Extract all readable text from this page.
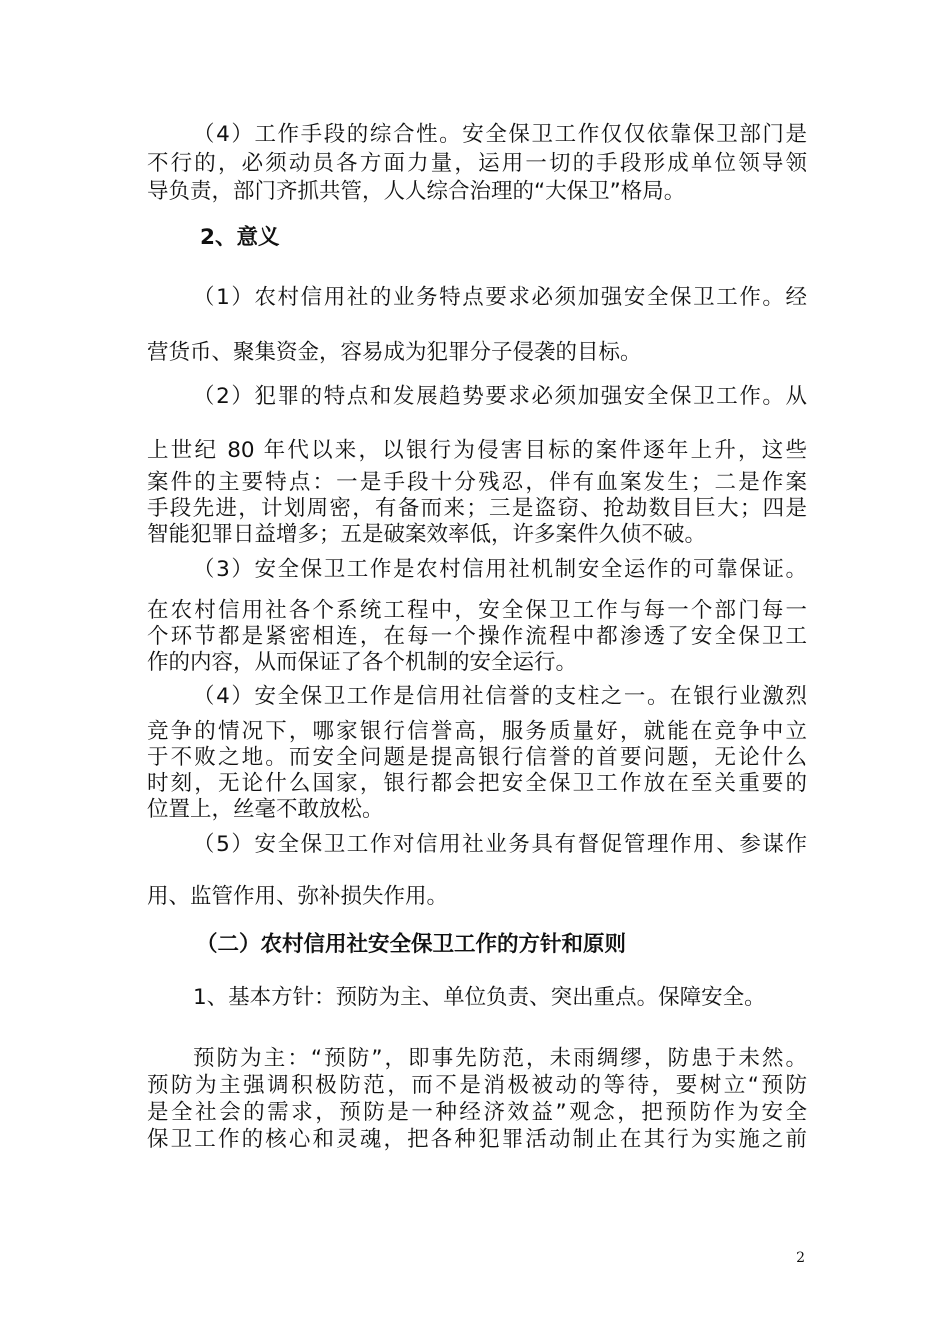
（4）工作手段的综合性。安全保卫工作仅仅依靠保卫部门是
不行的，必须动员各方面力量，运用一切的手段形成单位领导领
导负责，部门齐抓共管，人人综合治理的“大保卫”格局。
2、意义
（1）农村信用社的业务特点要求必须加强安全保卫工作。经
营货币、聚集资金，容易成为犯罪分子侵袭的目标。
（2）犯罪的特点和发展趋势要求必须加强安全保卫工作。从
上世纪 80 年代以来，以银行为侵害目标的案件逐年上升，这些
案件的主要特点：一是手段十分残忍，伴有血案发生；二是作案
手段先进，计划周密，有备而来；三是盗窃、抢劫数目巨大；四是
智能犯罪日益增多；五是破案效率低，许多案件久侦不破。
（3）安全保卫工作是农村信用社机制安全运作的可靠保证。
在农村信用社各个系统工程中，安全保卫工作与每一个部门每一
个环节都是紧密相连，在每一个操作流程中都渗透了安全保卫工
作的内容，从而保证了各个机制的安全运行。
（4）安全保卫工作是信用社信誉的支柱之一。在银行业激烈
竞争的情况下，哪家银行信誉高，服务质量好，就能在竞争中立
于不败之地。而安全问题是提高银行信誉的首要问题，无论什么
时刻，无论什么国家，银行都会把安全保卫工作放在至关重要的
位置上，丝毫不敢放松。
（5）安全保卫工作对信用社业务具有督促管理作用、参谋作
用、监管作用、弥补损失作用。
（二）农村信用社安全保卫工作的方针和原则
1、基本方针：预防为主、单位负责、突出重点。保障安全。
预防为主：“预防”，即事先防范，未雨绸缪，防患于未然。
预防为主强调积极防范，而不是消极被动的等待，要树立“预防
是全社会的需求，预防是一种经济效益”观念，把预防作为安全
保卫工作的核心和灵魂，把各种犯罪活动制止在其行为实施之前
2
